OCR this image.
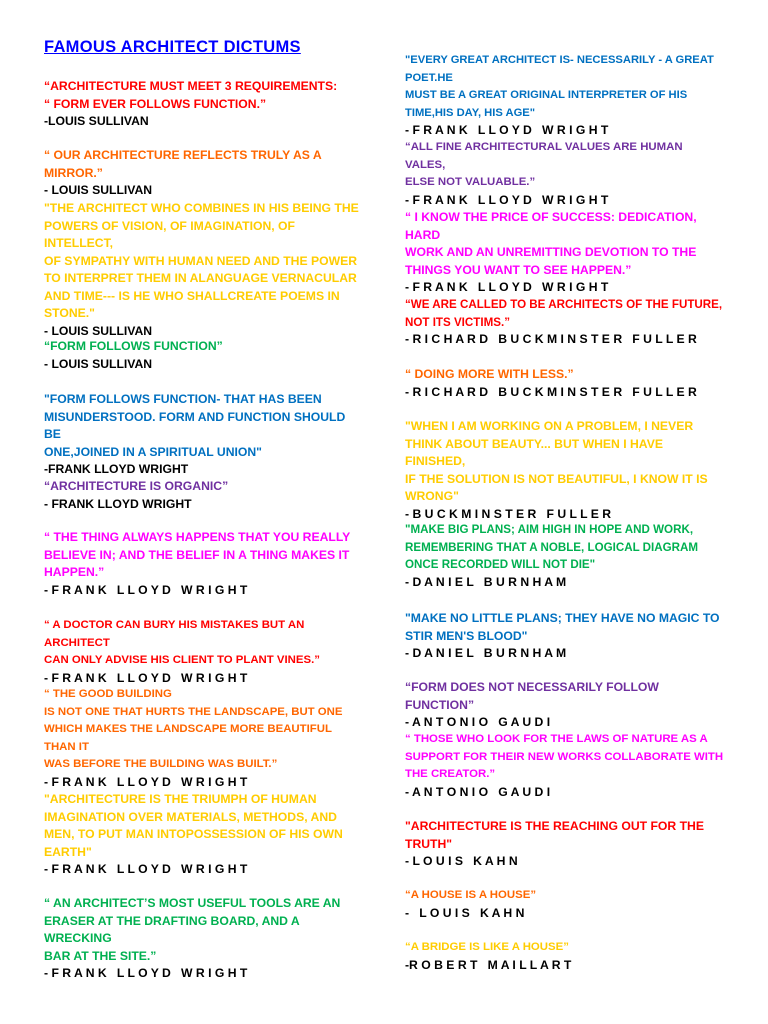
FAMOUS ARCHITECT DICTUMS

“ARCHITECTURE MUST MEET 3 REQUIREMENTS:
“ FORM EVER FOLLOWS FUNCTION.”

-LOUIS SULLIVAN

“ OUR ARCHITECTURE REFLECTS TRULY AS A MIRROR.”

- LOUIS SULLIVAN

"THE ARCHITECT WHO COMBINES IN HIS BEING THE
POWERS OF VISION, OF IMAGINATION, OF INTELLECT,
OF SYMPATHY WITH HUMAN NEED AND THE POWER
TO INTERPRET THEM IN ALANGUAGE VERNACULAR
AND TIME--- IS HE WHO SHALLCREATE POEMS IN
STONE."

- LOUIS SULLIVAN

“FORM FOLLOWS FUNCTION”

- LOUIS SULLIVAN

"FORM FOLLOWS FUNCTION- THAT HAS BEEN
MISUNDERSTOOD. FORM AND FUNCTION SHOULD BE
ONE,JOINED IN A SPIRITUAL UNION"

-FRANK LLOYD WRIGHT

“ARCHITECTURE IS ORGANIC”

- FRANK LLOYD WRIGHT

“ THE THING ALWAYS HAPPENS THAT YOU REALLY
BELIEVE IN; AND THE BELIEF IN A THING MAKES IT
HAPPEN.”

- F R A N K   L L O Y D   W R I G H T

“ A DOCTOR CAN BURY HIS MISTAKES BUT AN ARCHITECT
CAN ONLY ADVISE HIS CLIENT TO PLANT VINES.”

- F R A N K   L L O Y D   W R I G H T

“ THE GOOD BUILDING
IS NOT ONE THAT HURTS THE LANDSCAPE, BUT ONE
WHICH MAKES THE LANDSCAPE MORE BEAUTIFUL THAN IT
WAS BEFORE THE BUILDING WAS BUILT.”

- F R A N K   L L O Y D   W R I G H T

"ARCHITECTURE IS THE TRIUMPH OF HUMAN
IMAGINATION OVER MATERIALS, METHODS, AND
MEN, TO PUT MAN INTOPOSSESSION OF HIS OWN
EARTH"

- F R A N K   L L O Y D   W R I G H T

“ AN ARCHITECT’S MOST USEFUL TOOLS ARE AN
ERASER AT THE DRAFTING BOARD, AND A WRECKING
BAR AT THE SITE.”

- F R A N K   L L O Y D   W R I G H T

"EVERY GREAT ARCHITECT IS- NECESSARILY - A GREAT POET.HE
MUST BE A GREAT ORIGINAL INTERPRETER OF HIS
TIME,HIS DAY, HIS AGE"

- F R A N K   L L O Y D   W R I G H T

“ALL FINE ARCHITECTURAL VALUES ARE HUMAN VALES,
ELSE NOT VALUABLE.”

- F R A N K   L L O Y D   W R I G H T

“ I KNOW THE PRICE OF SUCCESS: DEDICATION, HARD
WORK AND AN UNREMITTING DEVOTION TO THE
THINGS YOU WANT TO SEE HAPPEN.”

- F R A N K   L L O Y D   W R I G H T

“WE ARE CALLED TO BE ARCHITECTS OF THE FUTURE,
NOT ITS VICTIMS.”

- R I C H A R D   B U C K M I N S T E R   F U L L E R

“ DOING MORE WITH LESS.”

- R I C H A R D   B U C K M I N S T E R   F U L L E R

"WHEN I AM WORKING ON A PROBLEM, I NEVER
THINK ABOUT BEAUTY... BUT WHEN I HAVE FINISHED,
IF THE SOLUTION IS NOT BEAUTIFUL, I KNOW IT IS
WRONG"

- B U C K M I N S T E R   F U L L E R

"MAKE BIG PLANS; AIM HIGH IN HOPE AND WORK,
REMEMBERING THAT A NOBLE, LOGICAL DIAGRAM
ONCE RECORDED WILL NOT DIE"

- D A N I E L   B U R N H A M

"MAKE NO LITTLE PLANS; THEY HAVE NO MAGIC TO
STIR MEN'S BLOOD"

- D A N I E L   B U R N H A M

“FORM DOES NOT NECESSARILY FOLLOW FUNCTION”

- A N T O N I O   G A U D I

“ THOSE WHO LOOK FOR THE LAWS OF NATURE AS A
SUPPORT FOR THEIR NEW WORKS COLLABORATE WITH
THE CREATOR.”

- A N T O N I O   G A U D I

"ARCHITECTURE IS THE REACHING OUT FOR THE
TRUTH"

- L O U I S   K A H N

“A HOUSE IS A HOUSE”

-   L O U I S   K A H N

“A BRIDGE IS LIKE A HOUSE”

-R O B E R T   M A I L L A R T
